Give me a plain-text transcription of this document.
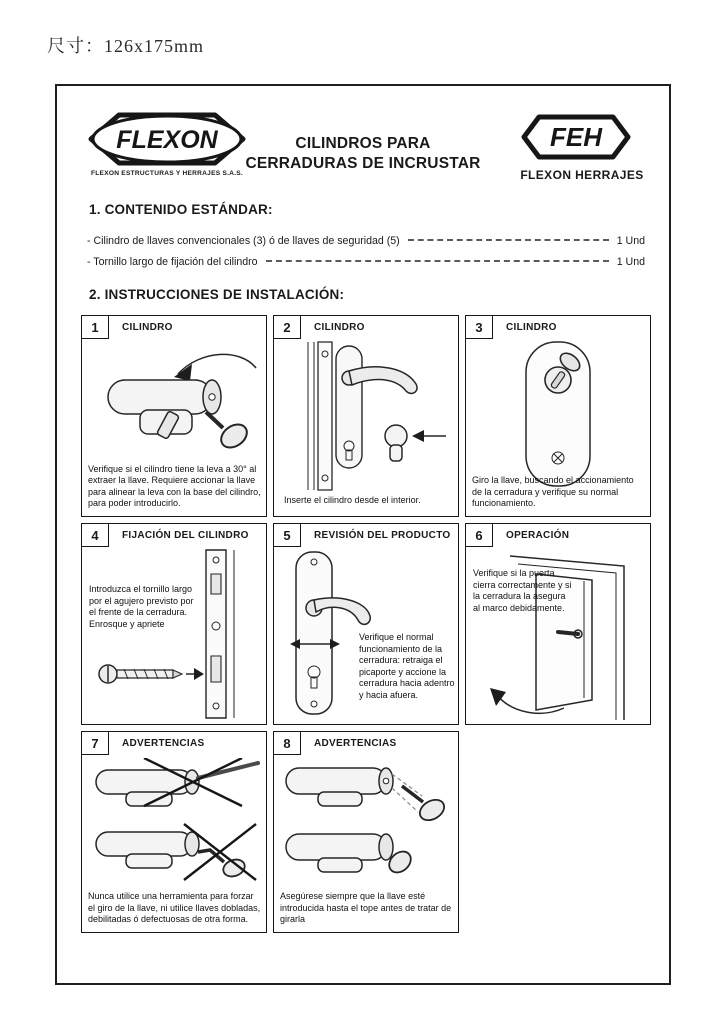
尺寸：126x175mm
FLEXON
FLEXON ESTRUCTURAS Y HERRAJES S.A.S.
CILINDROS PARA
CERRADURAS DE INCRUSTAR
FEH
FLEXON HERRAJES
1. CONTENIDO ESTÁNDAR:
- Cilindro de llaves convencionales (3) ó de llaves de seguridad (5)	1 Und
- Tornillo largo de fijación del cilindro	1 Und
2. INSTRUCCIONES DE INSTALACIÓN:
1	CILINDRO
Verifique si el cilindro tiene la leva a 30° al extraer la llave. Requiere accionar la llave para alinear la leva con la base del cilindro, para poder introducirlo.
2	CILINDRO
Inserte el cilindro desde el interior.
3	CILINDRO
Giro la llave, buscando el accionamiento de la cerradura y verifique su normal funcionamiento.
4	FIJACIÓN DEL CILINDRO
Introduzca el tornillo largo por el agujero previsto por el frente de la cerradura. Enrosque y apriete
5	REVISIÓN DEL PRODUCTO
Verifique el normal funcionamiento de la cerradura: retraiga el picaporte y accione la cerradura hacia adentro y hacia afuera.
6	OPERACIÓN
Verifique si la puerta cierra correctamente y si la cerradura la asegura al marco debidamente.
7	ADVERTENCIAS
Nunca utilice una herramienta para forzar el giro de la llave, ni utilice llaves dobladas, debilitadas ó defectuosas de otra forma.
8	ADVERTENCIAS
Asegúrese siempre que la llave esté introducida hasta el tope antes de tratar de girarla
